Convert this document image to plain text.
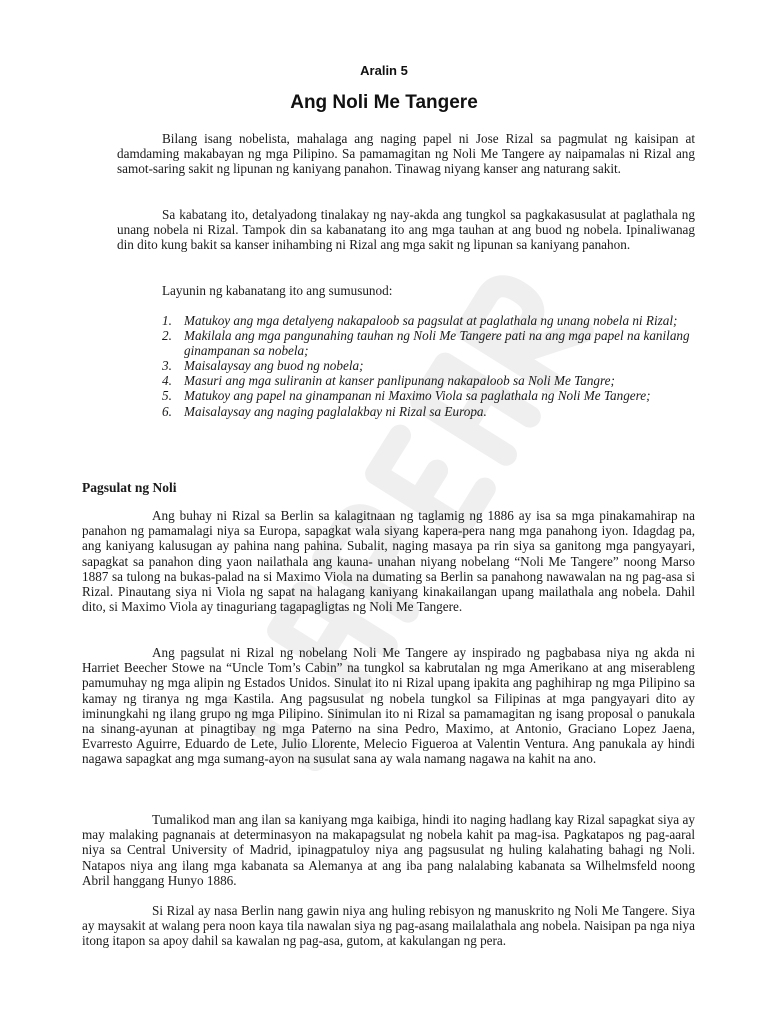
Aralin 5
Ang Noli Me Tangere

Bilang isang nobelista, mahalaga ang naging papel ni Jose Rizal sa pagmulat ng kaisipan at damdaming makabayan ng mga Pilipino. Sa pamamagitan ng Noli Me Tangere ay naipamalas ni Rizal ang samot-saring sakit ng lipunan ng kaniyang panahon. Tinawag niyang kanser ang naturang sakit.

Sa kabatang ito, detalyadong tinalakay ng nay-akda ang tungkol sa pagkakasusulat at paglathala ng unang nobela ni Rizal. Tampok din sa kabanatang ito ang mga tauhan at ang buod ng nobela. Ipinaliwanag din dito kung bakit sa kanser inihambing ni Rizal ang mga sakit ng lipunan sa kaniyang panahon.

Layunin ng kabanatang ito ang sumusunod:

1. Matukoy ang mga detalyeng nakapaloob sa pagsulat at paglathala ng unang nobela ni Rizal;
2. Makilala ang mga pangunahing tauhan ng Noli Me Tangere pati na ang mga papel na kanilang ginampanan sa nobela;
3. Maisalaysay ang buod ng nobela;
4. Masuri ang mga suliranin at kanser panlipunang nakapaloob sa Noli Me Tangre;
5. Matukoy ang papel na ginampanan ni Maximo Viola sa paglathala ng Noli Me Tangere;
6. Maisalaysay ang naging paglalakbay ni Rizal sa Europa.
Pagsulat ng Noli

Ang buhay ni Rizal sa Berlin sa kalagitnaan ng taglamig ng 1886 ay isa sa mga pinakamahirap na panahon ng pamamalagi niya sa Europa, sapagkat wala siyang kapera-pera nang mga panahong iyon. Idagdag pa, ang kaniyang kalusugan ay pahina nang pahina. Subalit, naging masaya pa rin siya sa ganitong mga pangyayari, sapagkat sa panahon ding yaon nailathala ang kauna- unahan niyang nobelang “Noli Me Tangere” noong Marso 1887 sa tulong na bukas-palad na si Maximo Viola na dumating sa Berlin sa panahong nawawalan na ng pag-asa si Rizal. Pinautang siya ni Viola ng sapat na halagang kaniyang kinakailangan upang mailathala ang nobela. Dahil dito, si Maximo Viola ay tinaguriang tagapagligtas ng Noli Me Tangere.

Ang pagsulat ni Rizal ng nobelang Noli Me Tangere ay inspirado ng pagbabasa niya ng akda ni Harriet Beecher Stowe na “Uncle Tom’s Cabin” na tungkol sa kabrutalan ng mga Amerikano at ang miserableng pamumuhay ng mga alipin ng Estados Unidos. Sinulat ito ni Rizal upang ipakita ang paghihirap ng mga Pilipino sa kamay ng tiranya ng mga Kastila. Ang pagsusulat ng nobela tungkol sa Filipinas at mga pangyayari dito ay iminungkahi ng ilang grupo ng mga Pilipino. Sinimulan ito ni Rizal sa pamamagitan ng isang proposal o panukala na sinang-ayunan at pinagtibay ng mga Paterno na sina Pedro, Maximo, at Antonio, Graciano Lopez Jaena, Evarresto Aguirre, Eduardo de Lete, Julio Llorente, Melecio Figueroa at Valentin Ventura. Ang panukala ay hindi nagawa sapagkat ang mga sumang-ayon na susulat sana ay wala namang nagawa na kahit na ano.

Tumalikod man ang ilan sa kaniyang mga kaibiga, hindi ito naging hadlang kay Rizal sapagkat siya ay may malaking pagnanais at determinasyon na makapagsulat ng nobela kahit pa mag-isa. Pagkatapos ng pag-aaral niya sa Central University of Madrid, ipinagpatuloy niya ang pagsusulat ng huling kalahating bahagi ng Noli. Natapos niya ang ilang mga kabanata sa Alemanya at ang iba pang nalalabing kabanata sa Wilhelmsfeld noong Abril hanggang Hunyo 1886.

Si Rizal ay nasa Berlin nang gawin niya ang huling rebisyon ng manuskrito ng Noli Me Tangere. Siya ay maysakit at walang pera noon kaya tila nawalan siya ng pag-asang mailalathala ang nobela. Naisipan pa nga niya itong itapon sa apoy dahil sa kawalan ng pag-asa, gutom, at kakulangan ng pera.
